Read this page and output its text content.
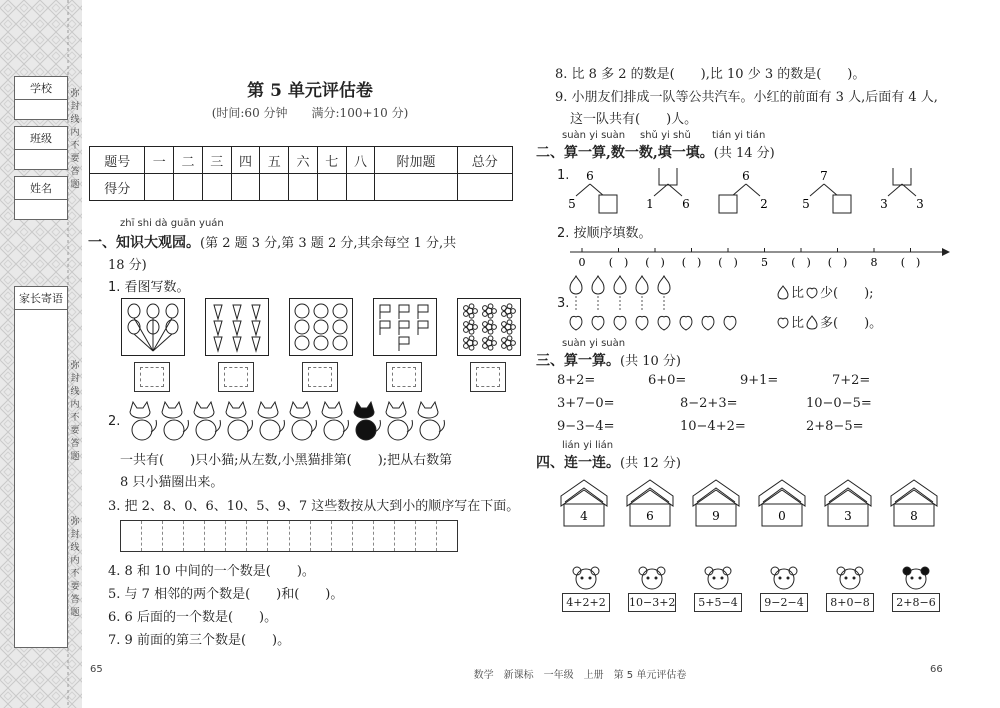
学校
班级
姓名
家长寄语
弥封线内不要答题
弥封线内不要答题
弥封线内不要答题
第 5 单元评估卷
(时间:60 分钟　　满分:100+10 分)
题号	一	二	三	四	五	六	七	八	附加题	总分
得分										
zhī shi dà guān yuán
一、知识大观园。(第 2 题 3 分,第 3 题 2 分,其余每空 1 分,共
18 分)
1. 看图写数。
2.
一共有(　　)只小猫;从左数,小黑猫排第(　　);把从右数第
8 只小猫圈出来。
3. 把 2、8、0、6、10、5、9、7 这些数按从大到小的顺序写在下面。
4. 8 和 10 中间的一个数是(　　)。
5. 与 7 相邻的两个数是(　　)和(　　)。
6. 6 后面的一个数是(　　)。
7. 9 前面的第三个数是(　　)。
65
8. 比 8 多 2 的数是(　　),比 10 少 3 的数是(　　)。
9. 小朋友们排成一队等公共汽车。小红的前面有 3 人,后面有 4 人,
这一队共有(　　)人。
suàn yi suàn shǔ yi shǔ tián yi tián
二、算一算,数一数,填一填。(共 14 分)
1. 6
5	1 6
6
2
7
5	3 3
2. 按顺序填数。
0 (　) (　) (　) (　) 5 (　) (　) 8 (　)
3.
比 少(　　);
比 多(　　)。
suàn yi suàn
三、算一算。(共 10 分)
8+2=	6+0=	9+1=	7+2=
3+7−0=	8−2+3=	10−0−5=
9−3−4=	10−4+2=	2+8−5=
lián yi lián
四、连一连。(共 12 分)
4	6	9	0	3	8
4+2+2	10−3+2	5+5−4	9−2−4	8+0−8	2+8−6
数学　新课标　一年级　上册　第 5 单元评估卷
66
